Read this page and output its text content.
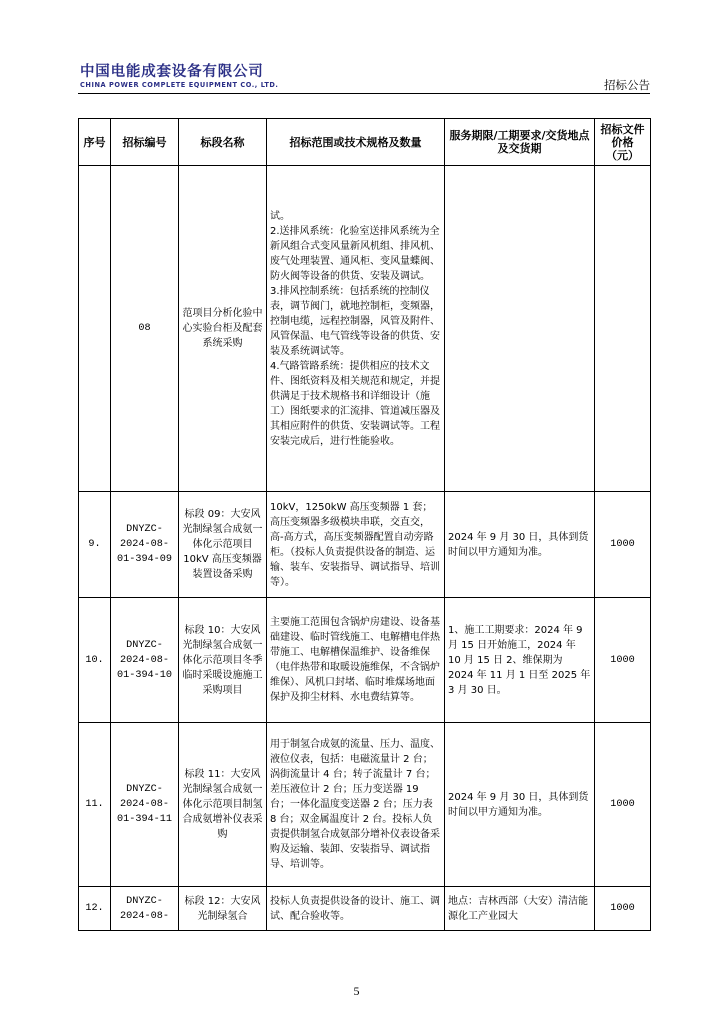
中国电能成套设备有限公司
CHINA POWER COMPLETE EQUIPMENT CO., LTD.	招标公告
序号	招标编号	标段名称	招标范围或技术规格及数量	服务期限/工期要求/交货地点及交货期	招标文件价格（元）
	08	范项目分析化验中心实验台柜及配套系统采购	试。
2.送排风系统：化验室送排风系统为全新风组合式变风量新风机组、排风机、废气处理装置、通风柜、变风量蝶阀、防火阀等设备的供货、安装及调试。
3.排风控制系统：包括系统的控制仪表，调节阀门，就地控制柜，变频器，控制电缆，远程控制器，风管及附件、风管保温、电气管线等设备的供货、安装及系统调试等。
4.气路管路系统：提供相应的技术文件、图纸资料及相关规范和规定，并提供满足于技术规格书和详细设计（施工）图纸要求的汇流排、管道减压器及其相应附件的供货、安装调试等。工程安装完成后，进行性能验收。		
9.	DNYZC-2024-08-01-394-09	标段 09：大安风光制绿氢合成氨一体化示范项目 10kV 高压变频器装置设备采购	10kV，1250kW 高压变频器 1 套；高压变频器多级模块串联，交直交，高-高方式，高压变频器配置自动旁路柜。（投标人负责提供设备的制造、运输、装车、安装指导、调试指导、培训等）。	2024 年 9 月 30 日，具体到货时间以甲方通知为准。	1000
10.	DNYZC-2024-08-01-394-10	标段 10：大安风光制绿氢合成氨一体化示范项目冬季临时采暖设施施工采购项目	主要施工范围包含锅炉房建设、设备基础建设、临时管线施工、电解槽电伴热带施工、电解槽保温维护、设备维保（电伴热带和取暖设施维保，不含锅炉维保）、风机口封堵、临时堆煤场地面保护及抑尘材料、水电费结算等。	1、施工工期要求：2024 年 9 月 15 日开始施工，2024 年 10 月 15 日 2、维保期为 2024 年 11 月 1 日至 2025 年 3 月 30 日。	1000
11.	DNYZC-2024-08-01-394-11	标段 11：大安风光制绿氢合成氨一体化示范项目制氢合成氨增补仪表采购	用于制氢合成氨的流量、压力、温度、液位仪表，包括：电磁流量计 2 台；涡街流量计 4 台；转子流量计 7 台；差压液位计 2 台；压力变送器 19 台；一体化温度变送器 2 台；压力表 8 台；双金属温度计 2 台。投标人负责提供制氢合成氨部分增补仪表设备采购及运输、装卸、安装指导、调试指导、培训等。	2024 年 9 月 30 日，具体到货时间以甲方通知为准。	1000
12.	DNYZC-2024-08-	标段 12：大安风光制绿氢合	投标人负责提供设备的设计、施工、调试、配合验收等。	地点：吉林西部（大安）清洁能源化工产业园大	1000
5
